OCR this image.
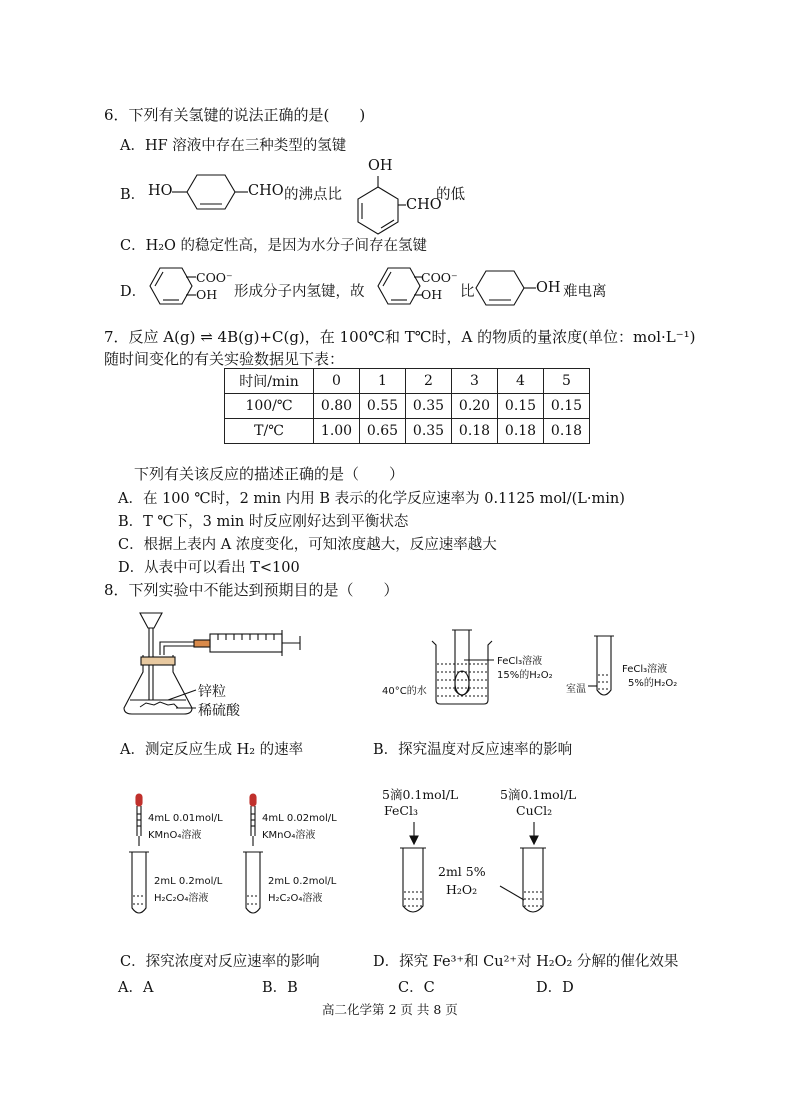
6．下列有关氢键的说法正确的是(　　)
A．HF 溶液中存在三种类型的氢键
B． HO	CHO 的沸点比
OH
CHO
的低
C．H₂O 的稳定性高，是因为水分子间存在氢键
D．
COO⁻
OH 形成分子内氢键，故
COO⁻
OH 比	OH 难电离
7．反应 A(g) ⇌ 4B(g)+C(g)，在 100℃和 T℃时，A 的物质的量浓度(单位：mol·L⁻¹)
随时间变化的有关实验数据见下表：
时间/min	0	1	2	3	4	5
100/℃	0.80	0.55	0.35	0.20	0.15	0.15
T/℃	1.00	0.65	0.35	0.18	0.18	0.18
下列有关该反应的描述正确的是（　　）
A．在 100 ℃时，2 min 内用 B 表示的化学反应速率为 0.1125 mol/(L·min)
B．T ℃下，3 min 时反应刚好达到平衡状态
C．根据上表内 A 浓度变化，可知浓度越大，反应速率越大
D．从表中可以看出 T<100
8．下列实验中不能达到预期目的是（　　）
锌粒
稀硫酸
A．测定反应生成 H₂ 的速率
40°C的水
FeCl₃溶液
15%的H₂O₂
室温
FeCl₃溶液
5%的H₂O₂
B．探究温度对反应速率的影响
4mL 0.01mol/L
KMnO₄溶液
4mL 0.02mol/L
KMnO₄溶液
2mL 0.2mol/L
H₂C₂O₄溶液
2mL 0.2mol/L
H₂C₂O₄溶液
C．探究浓度对反应速率的影响
5滴0.1mol/L
FeCl₃
5滴0.1mol/L
CuCl₂
2ml 5%
H₂O₂
D．探究 Fe³⁺和 Cu²⁺对 H₂O₂ 分解的催化效果
A．A	B．B	C．C	D．D
高二化学第 2 页 共 8 页
